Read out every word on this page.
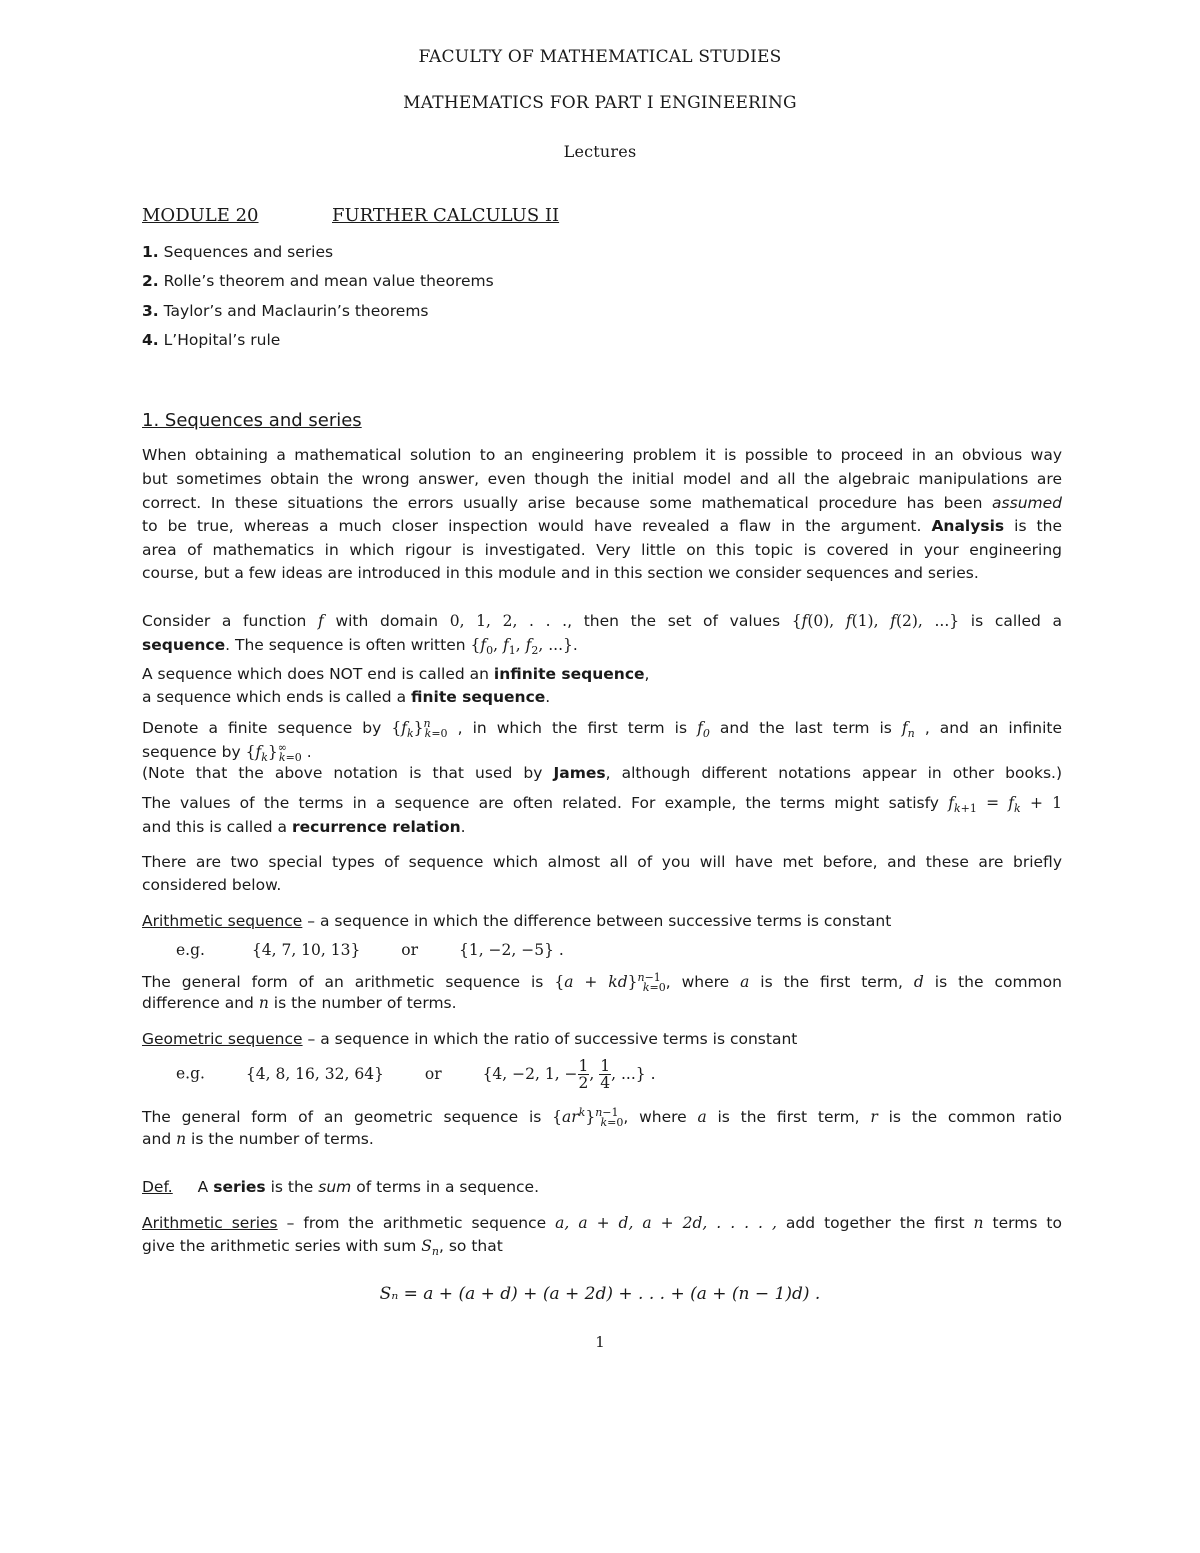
FACULTY OF MATHEMATICAL STUDIES
MATHEMATICS FOR PART I ENGINEERING
Lectures
MODULE 20	FURTHER CALCULUS II
1. Sequences and series
2. Rolle’s theorem and mean value theorems
3. Taylor’s and Maclaurin’s theorems
4. L’Hopital’s rule
1. Sequences and series
When obtaining a mathematical solution to an engineering problem it is possible to proceed in an obvious way
but sometimes obtain the wrong answer, even though the initial model and all the algebraic manipulations are
correct. In these situations the errors usually arise because some mathematical procedure has been assumed
to be true, whereas a much closer inspection would have revealed a flaw in the argument. Analysis is the
area of mathematics in which rigour is investigated. Very little on this topic is covered in your engineering
course, but a few ideas are introduced in this module and in this section we consider sequences and series.
Consider a function f with domain 0, 1, 2, . . ., then the set of values {f(0), f(1), f(2), ...} is called a
sequence. The sequence is often written {$f_0$, $f_1$, $f_2$, ...}.
A sequence which does NOT end is called an infinite sequence,
a sequence which ends is called a finite sequence.
Denote a finite sequence by $\{f_k\}^n_{k=0}$ , in which the first term is $f_0$ and the last term is $f_n$ , and an infinite
sequence by $\{f_k\}^\infty_{k=0}$ .
(Note that the above notation is that used by James, although different notations appear in other books.)
The values of the terms in a sequence are often related. For example, the terms might satisfy $f_{k+1} = f_k + 1$
and this is called a recurrence relation.
There are two special types of sequence which almost all of you will have met before, and these are briefly
considered below.
Arithmetic sequence – a sequence in which the difference between successive terms is constant
e.g.	{4, 7, 10, 13}	or	{1, −2, −5} .
The general form of an arithmetic sequence is {a + kd}$^{n-1}_{k=0}$, where a is the first term, d is the common
difference and n is the number of terms.
Geometric sequence – a sequence in which the ratio of successive terms is constant
e.g.	{4, 8, 16, 32, 64}	or	{4, −2, 1, − $\frac{1}{2}$ , $\frac{1}{4}$ , ...} .
The general form of an geometric sequence is $\{ar^k\}^{n-1}_{k=0}$, where a is the first term, r is the common ratio
and n is the number of terms.
Def. A series is the sum of terms in a sequence.
Arithmetic series – from the arithmetic sequence a, a + d, a + 2d, . . . . , add together the first n terms to
give the arithmetic series with sum $S_n$, so that
Sₙ = a + (a + d) + (a + 2d) + . . . + (a + (n − 1)d) .
1
